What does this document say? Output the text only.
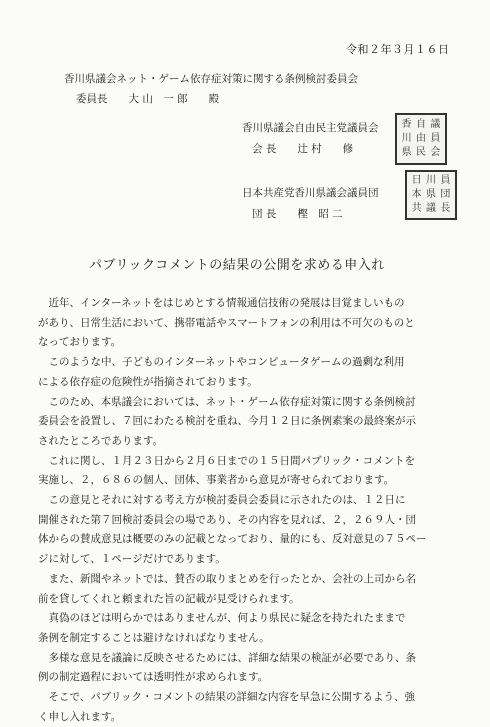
令和２年３月１６日
香川県議会ネット・ゲーム依存症対策に関する条例検討委員会
委員長　　大 山　一 郎　　殿
香川県議会自由民主党議員会
会 長　　辻 村　　修
香 自 議
川 由 員
県 民 会
日本共産党香川県議会議員団
団 長　　樫　昭 二
日 川 員
本 県 団
共 議 長
パブリックコメントの結果の公開を求める申入れ

　近年、インターネットをはじめとする情報通信技術の発展は目覚ましいもの

があり、日常生活において、携帯電話やスマートフォンの利用は不可欠のものと

なっております。

　このような中、子どものインターネットやコンピュータゲームの過剰な利用

による依存症の危険性が指摘されております。

　このため、本県議会においては、ネット・ゲーム依存症対策に関する条例検討

委員会を設置し、７回にわたる検討を重ね、今月１２日に条例素案の最終案が示

されたところであります。

　これに関し、１月２３日から２月６日までの１５日間パブリック・コメントを

実施し、２，６８６の個人、団体、事業者から意見が寄せられております。

　この意見とそれに対する考え方が検討委員会委員に示されたのは、１２日に

開催された第７回検討委員会の場であり、その内容を見れば、２，２６９人・団

体からの賛成意見は概要のみの記載となっており、量的にも、反対意見の７５ペー

ジに対して、１ページだけであります。

　また、新聞やネットでは、賛否の取りまとめを行ったとか、会社の上司から名

前を貸してくれと頼まれた旨の記載が見受けられます。

　真偽のほどは明らかではありませんが、何より県民に疑念を持たれたままで

条例を制定することは避けなければなりません。

　多様な意見を議論に反映させるためには、詳細な結果の検証が必要であり、条

例の制定過程においては透明性が求められます。

　そこで、パブリック・コメントの結果の詳細な内容を早急に公開するよう、強

く申し入れます。
